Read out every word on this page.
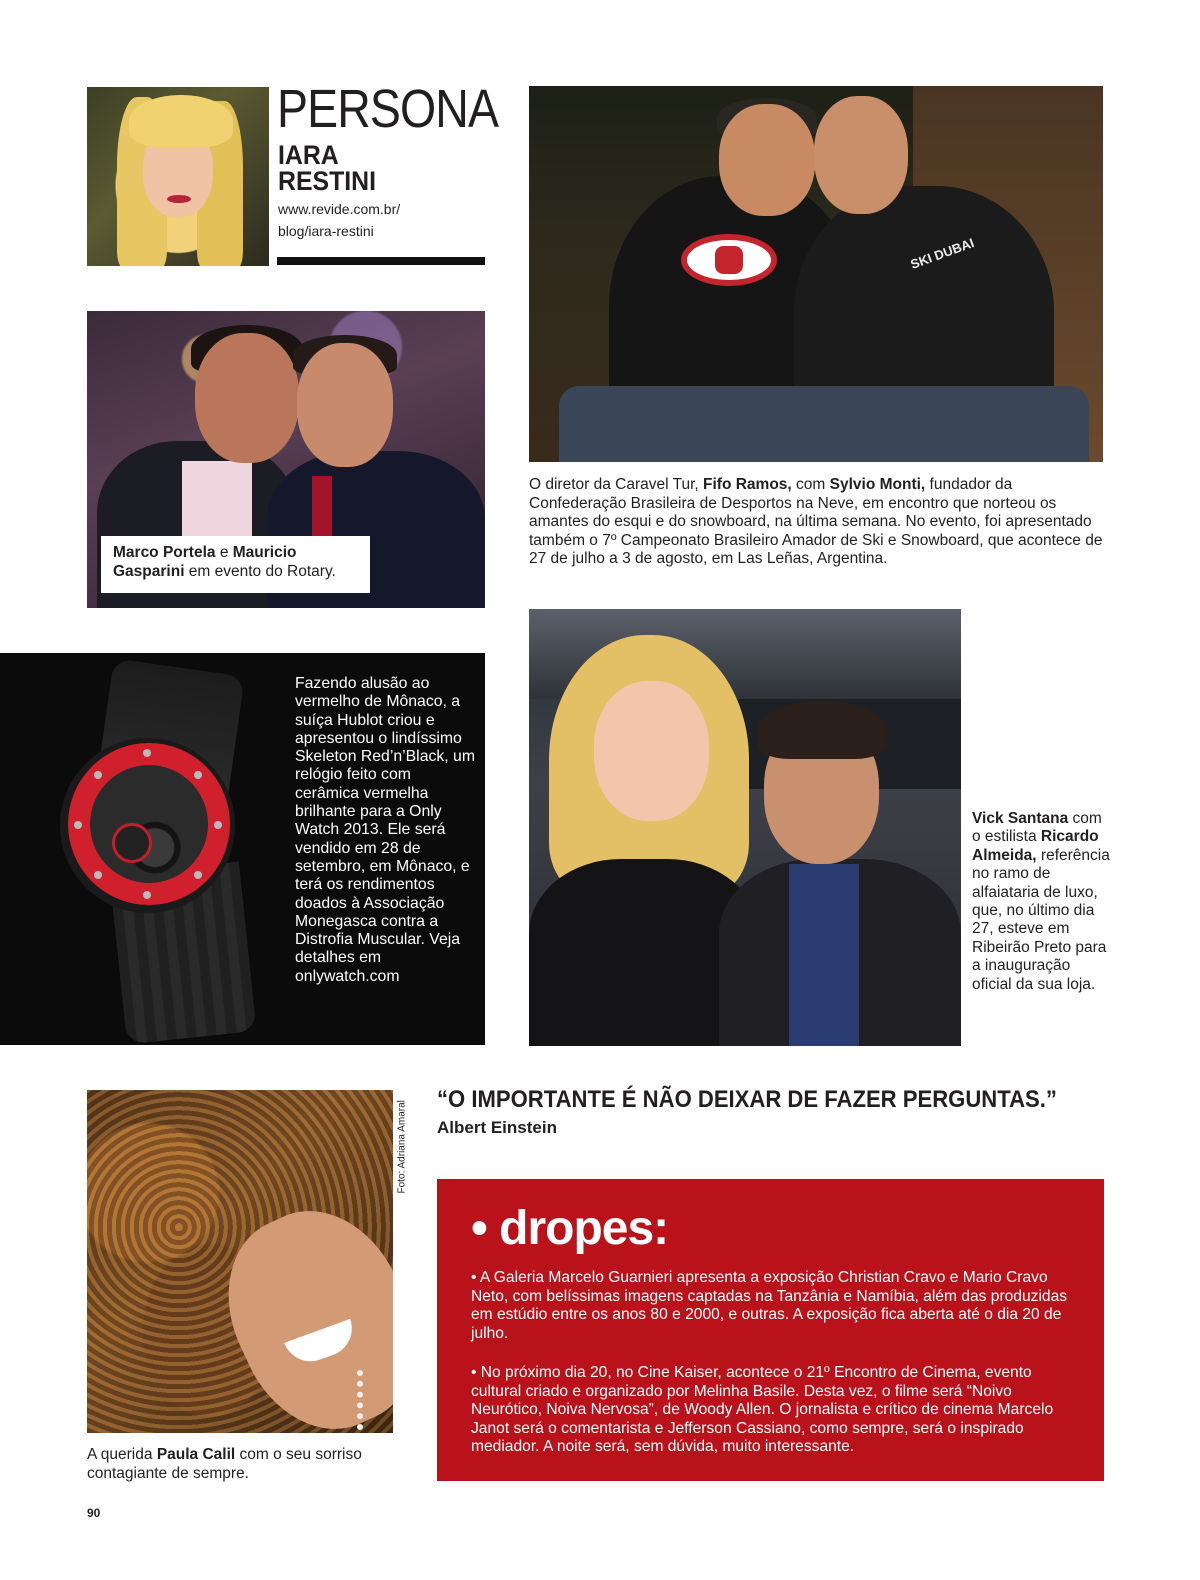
PERSONA
IARA
RESTINI
www.revide.com.br/
blog/iara-restini
SKI DUBAI
O diretor da Caravel Tur, Fifo Ramos, com Sylvio Monti, fundador da Confederação Brasileira de Desportos na Neve, em encontro que norteou os amantes do esqui e do snowboard, na última semana. No evento, foi apresentado também o 7º Campeonato Brasileiro Amador de Ski e Snowboard, que acontece de 27 de julho a 3 de agosto, em Las Leñas, Argentina.
Marco Portela e Mauricio Gasparini em evento do Rotary.
Fazendo alusão ao vermelho de Mônaco, a suíça Hublot criou e apresentou o lindíssimo Skeleton Red’n’Black, um relógio feito com cerâmica vermelha brilhante para a Only Watch 2013. Ele será vendido em 28 de setembro, em Mônaco, e terá os rendimentos doados à Associação Monegasca contra a Distrofia Muscular. Veja detalhes em onlywatch.com
Vick Santana com o estilista Ricardo Almeida, referência no ramo de alfaiataria de luxo, que, no último dia 27, esteve em Ribeirão Preto para a inauguração oficial da sua loja.
Foto: Adriana Amaral
A querida Paula Calil com o seu sorriso contagiante de sempre.
“O IMPORTANTE É NÃO DEIXAR DE FAZER PERGUNTAS.”
Albert Einstein
• dropes:
• A Galeria Marcelo Guarnieri apresenta a exposição Christian Cravo e Mario Cravo Neto, com belíssimas imagens captadas na Tanzânia e Namíbia, além das produzidas em estúdio entre os anos 80 e 2000, e outras. A exposição fica aberta até o dia 20 de julho.
• No próximo dia 20, no Cine Kaiser, acontece o 21º Encontro de Cinema, evento cultural criado e organizado por Melinha Basile. Desta vez, o filme será “Noivo Neurótico, Noiva Nervosa”, de Woody Allen. O jornalista e crítico de cinema Marcelo Janot será o comentarista e Jefferson Cassiano, como sempre, será o inspirado mediador. A noite será, sem dúvida, muito interessante.
90
